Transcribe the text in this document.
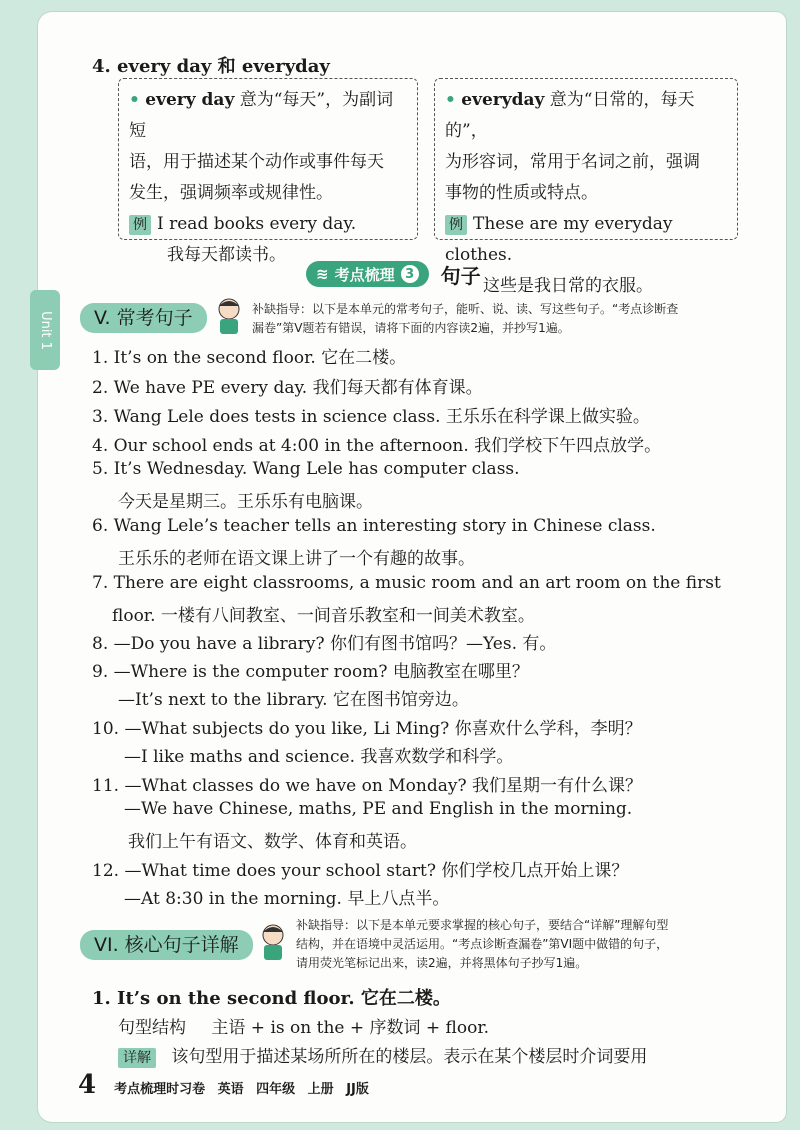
Unit 1
4. every day 和 everyday
• every day 意为“每天”，为副词短
语，用于描述某个动作或事件每天
发生，强调频率或规律性。
例 I read books every day.
我每天都读书。
• everyday 意为“日常的，每天的”，
为形容词，常用于名词之前，强调
事物的性质或特点。
例 These are my everyday clothes.
这些是我日常的衣服。
≋ 考点梳理 3 句子
V. 常考句子	补缺指导：以下是本单元的常考句子，能听、说、读、写这些句子。“考点诊断查
漏卷”第V题若有错误，请将下面的内容读2遍，并抄写1遍。
1. It’s on the second floor. 它在二楼。
2. We have PE every day. 我们每天都有体育课。
3. Wang Lele does tests in science class. 王乐乐在科学课上做实验。
4. Our school ends at 4:00 in the afternoon. 我们学校下午四点放学。
5. It’s Wednesday. Wang Lele has computer class.
今天是星期三。王乐乐有电脑课。
6. Wang Lele’s teacher tells an interesting story in Chinese class.
王乐乐的老师在语文课上讲了一个有趣的故事。
7. There are eight classrooms, a music room and an art room on the first
floor. 一楼有八间教室、一间音乐教室和一间美术教室。
8. —Do you have a library? 你们有图书馆吗？—Yes. 有。
9. —Where is the computer room? 电脑教室在哪里？
—It’s next to the library. 它在图书馆旁边。
10. —What subjects do you like, Li Ming? 你喜欢什么学科，李明？
—I like maths and science. 我喜欢数学和科学。
11. —What classes do we have on Monday? 我们星期一有什么课？
—We have Chinese, maths, PE and English in the morning.
我们上午有语文、数学、体育和英语。
12. —What time does your school start? 你们学校几点开始上课？
—At 8:30 in the morning. 早上八点半。
VI. 核心句子详解
补缺指导：以下是本单元要求掌握的核心句子，要结合“详解”理解句型
结构，并在语境中灵活运用。“考点诊断查漏卷”第VI题中做错的句子，
请用荧光笔标记出来，读2遍，并将黑体句子抄写1遍。
1. It’s on the second floor. 它在二楼。
句型结构 主语 + is on the + 序数词 + floor.
详解 该句型用于描述某场所所在的楼层。表示在某个楼层时介词要用
4 考点梳理时习卷 英语 四年级 上册 JJ版
